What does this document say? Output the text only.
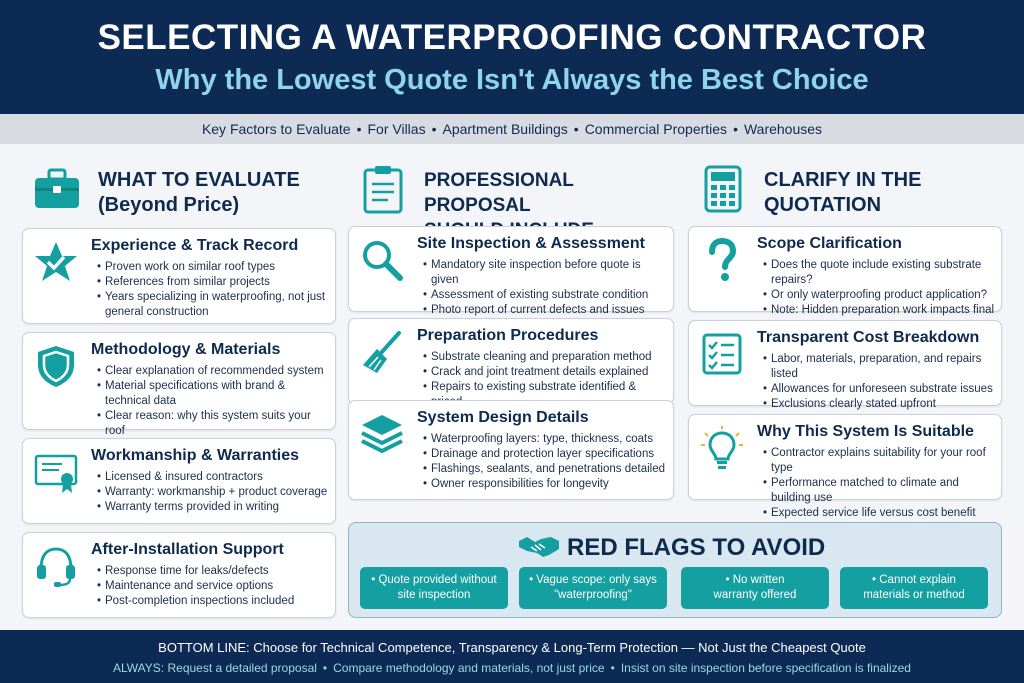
SELECTING A WATERPROOFING CONTRACTOR
Why the Lowest Quote Isn't Always the Best Choice
Key Factors to Evaluate • For Villas • Apartment Buildings • Commercial Properties • Warehouses
WHAT TO EVALUATE
(Beyond Price)
Experience & Track Record
• Proven work on similar roof types
• References from similar projects
• Years specializing in waterproofing, not just general construction
Methodology & Materials
• Clear explanation of recommended system
• Material specifications with brand & technical data
• Clear reason: why this system suits your roof
Workmanship & Warranties
• Licensed & insured contractors
• Warranty: workmanship + product coverage
• Warranty terms provided in writing
After-Installation Support
• Response time for leaks/defects
• Maintenance and service options
• Post-completion inspections included
PROFESSIONAL PROPOSAL
Site Inspection & Assessment
• Mandatory site inspection before quote is given
• Assessment of existing substrate condition
• Photo report of current defects and issues
Preparation Procedures
• Substrate cleaning and preparation method
• Crack and joint treatment details explained
• Repairs to existing substrate identified &
System Design Details
• Waterproofing layers: type, thickness, coats
• Drainage and protection layer specifications
• Flashings, sealants, and penetrations detailed
• Owner responsibilities for longevity
CLARIFY IN THE
QUOTATION
Scope Clarification
• Does the quote include existing substrate repairs?
• Or only waterproofing product application?
• Note: Hidden preparation work impacts final
Transparent Cost Breakdown
• Labor, materials, preparation, and repairs listed
• Allowances for unforeseen substrate issues
• Exclusions clearly stated upfront
Why This System Is Suitable
• Contractor explains suitability for your roof type
• Performance matched to climate and building use
• Expected service life versus cost benefit
RED FLAGS TO AVOID
• Quote provided without
site inspection
• Vague scope: only says
"waterproofing"
• No written
warranty offered
• Cannot explain
materials or method
BOTTOM LINE: Choose for Technical Competence, Transparency & Long-Term Protection — Not Just the Cheapest Quote
ALWAYS: Request a detailed proposal • Compare methodology and materials, not just price • Insist on site inspection before specification is finalized
